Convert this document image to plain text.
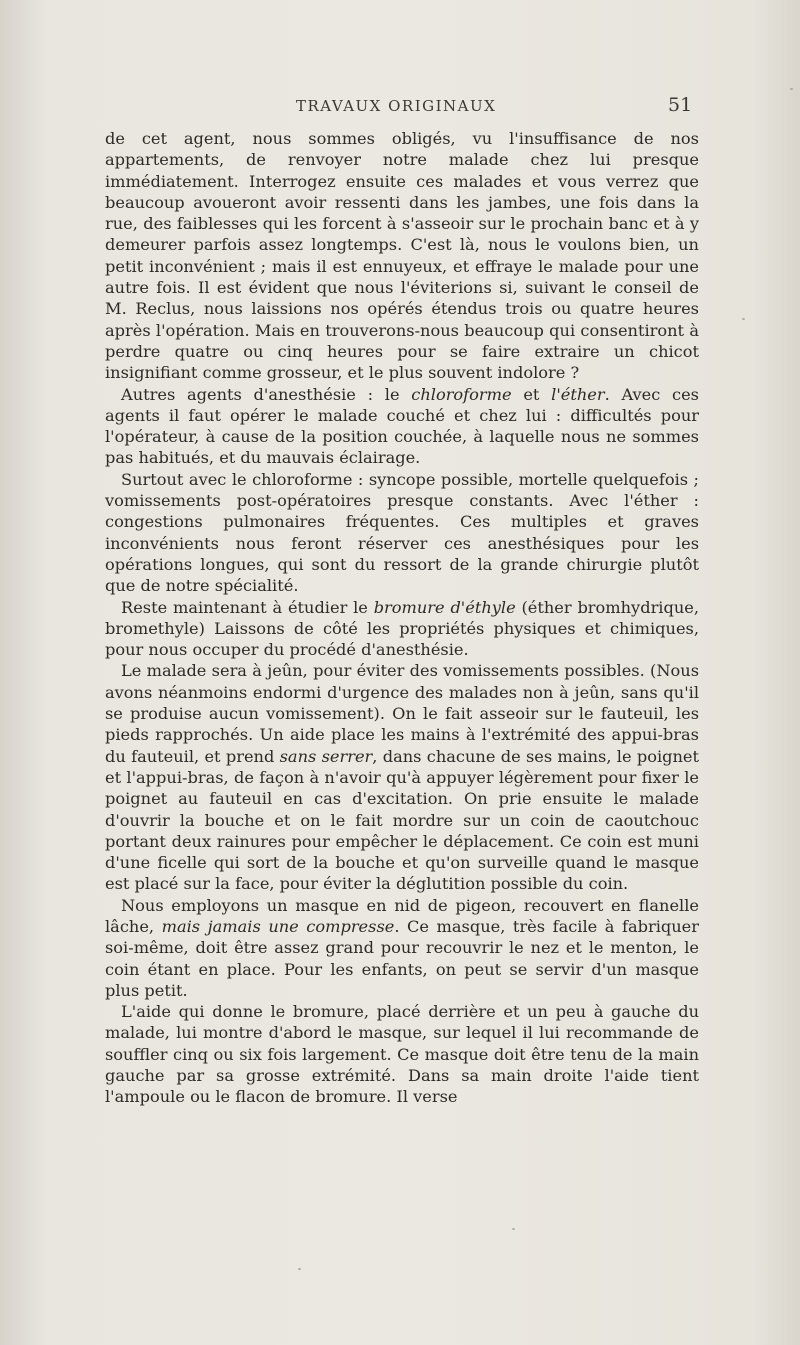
TRAVAUX ORIGINAUX	51

de cet agent, nous sommes obligés, vu l'insuffisance de nos appartements, de renvoyer notre malade chez lui presque immédiatement. Interrogez ensuite ces malades et vous verrez que beaucoup avoueront avoir ressenti dans les jambes, une fois dans la rue, des faiblesses qui les forcent à s'asseoir sur le prochain banc et à y demeurer parfois assez longtemps. C'est là, nous le voulons bien, un petit inconvénient ; mais il est ennuyeux, et effraye le malade pour une autre fois. Il est évident que nous l'éviterions si, suivant le conseil de M. Reclus, nous laissions nos opérés étendus trois ou quatre heures après l'opération. Mais en trouverons-nous beaucoup qui consentiront à perdre quatre ou cinq heures pour se faire extraire un chicot insignifiant comme grosseur, et le plus souvent indolore ?

Autres agents d'anesthésie : le chloroforme et l'éther. Avec ces agents il faut opérer le malade couché et chez lui : difficultés pour l'opérateur, à cause de la position couchée, à laquelle nous ne sommes pas habitués, et du mauvais éclairage.

Surtout avec le chloroforme : syncope possible, mortelle quelquefois ; vomissements post-opératoires presque constants. Avec l'éther : congestions pulmonaires fréquentes. Ces multiples et graves inconvénients nous feront réserver ces anesthésiques pour les opérations longues, qui sont du ressort de la grande chirurgie plutôt que de notre spécialité.

Reste maintenant à étudier le bromure d'éthyle (éther bromhydrique, bromethyle) Laissons de côté les propriétés physiques et chimiques, pour nous occuper du procédé d'anesthésie.

Le malade sera à jeûn, pour éviter des vomissements possibles. (Nous avons néanmoins endormi d'urgence des malades non à jeûn, sans qu'il se produise aucun vomissement). On le fait asseoir sur le fauteuil, les pieds rapprochés. Un aide place les mains à l'extrémité des appui-bras du fauteuil, et prend sans serrer, dans chacune de ses mains, le poignet et l'appui-bras, de façon à n'avoir qu'à appuyer légèrement pour fixer le poignet au fauteuil en cas d'excitation. On prie ensuite le malade d'ouvrir la bouche et on le fait mordre sur un coin de caoutchouc portant deux rainures pour empêcher le déplacement. Ce coin est muni d'une ficelle qui sort de la bouche et qu'on surveille quand le masque est placé sur la face, pour éviter la déglutition possible du coin.

Nous employons un masque en nid de pigeon, recouvert en flanelle lâche, mais jamais une compresse. Ce masque, très facile à fabriquer soi-même, doit être assez grand pour recouvrir le nez et le menton, le coin étant en place. Pour les enfants, on peut se servir d'un masque plus petit.

L'aide qui donne le bromure, placé derrière et un peu à gauche du malade, lui montre d'abord le masque, sur lequel il lui recommande de souffler cinq ou six fois largement. Ce masque doit être tenu de la main gauche par sa grosse extrémité. Dans sa main droite l'aide tient l'ampoule ou le flacon de bromure. Il verse
